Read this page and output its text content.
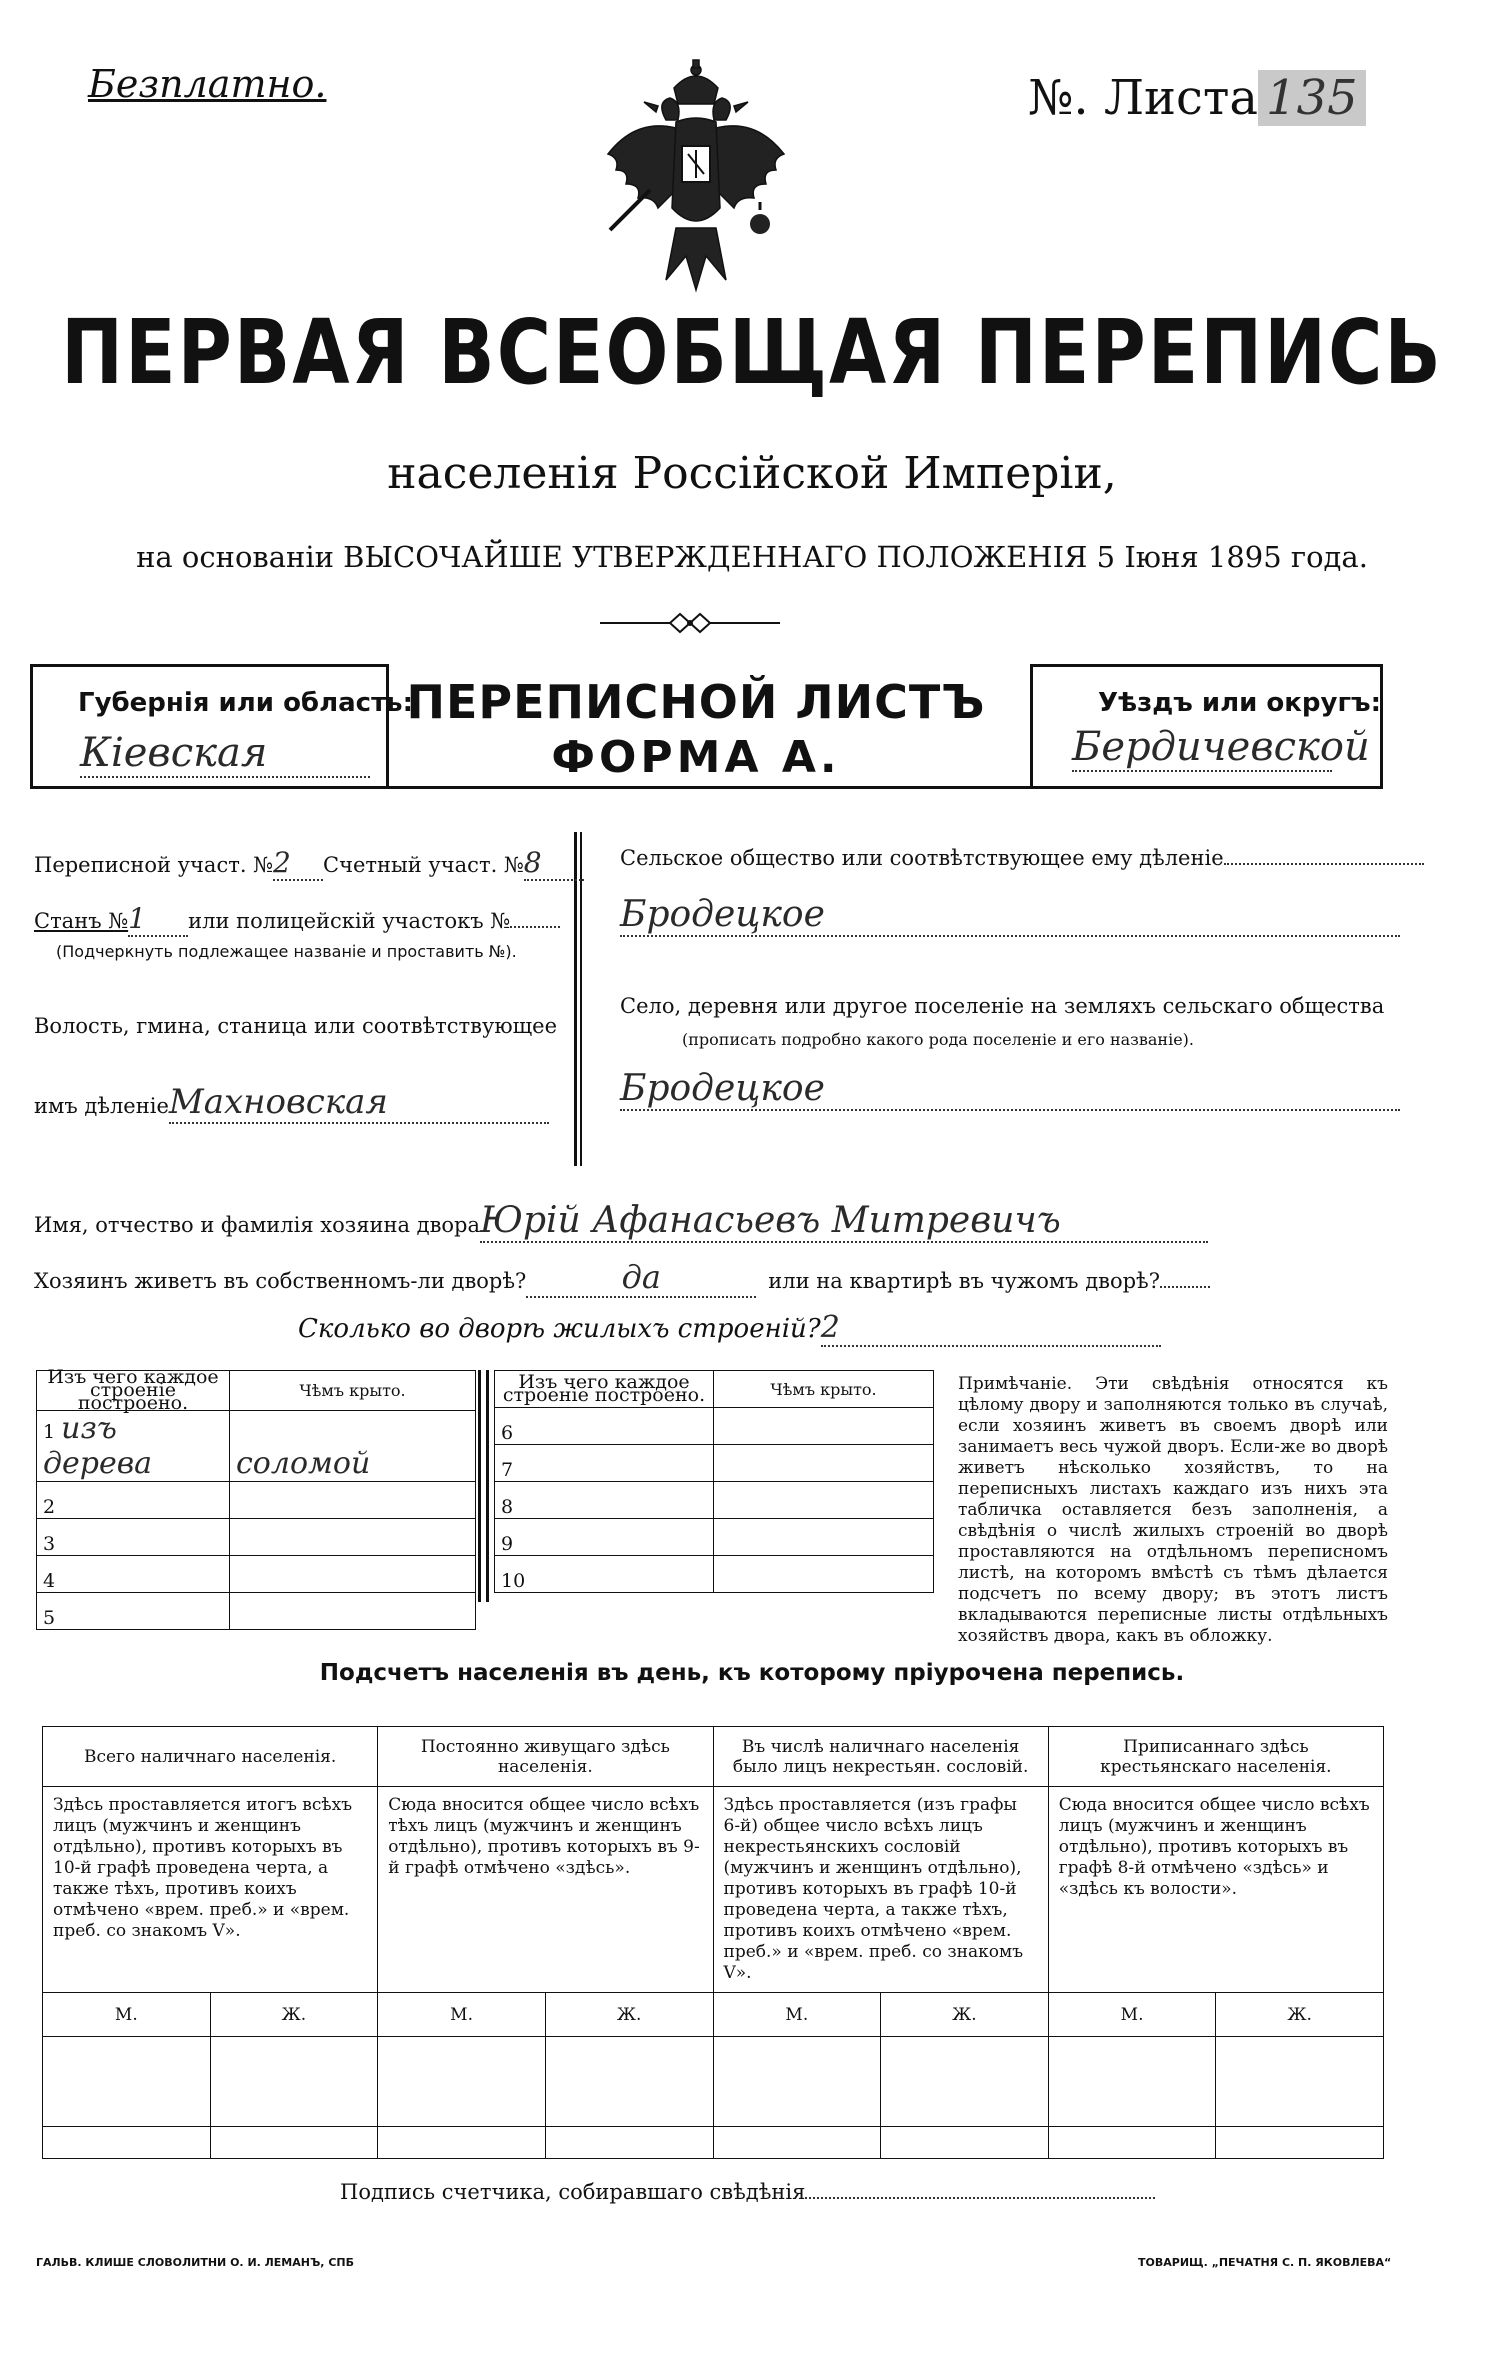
Безплатно.	№. Листа 135
ПЕРВАЯ ВСЕОБЩАЯ ПЕРЕПИСЬ
населенія Россійской Имперіи,
на основаніи ВЫСОЧАЙШЕ УТВЕРЖДЕННАГО ПОЛОЖЕНІЯ 5 Іюня 1895 года.
Губернія или область:
Кіевская
ПЕРЕПИСНОЙ ЛИСТЪ
ФОРМА А.
Уѣздъ или округъ:
Бердичевской
Переписной участ. №2 Счетный участ. №8
Станъ №1 или полицейскій участокъ №
(Подчеркнуть подлежащее названіе и проставить №).
Волость, гмина, станица или соотвѣтствующее
имъ дѣленіеМахновская
Сельское общество или соотвѣтствующее ему дѣленіе
Бродецкое
Село, деревня или другое поселеніе на земляхъ сельскаго общества
(прописать подробно какого рода поселеніе и его названіе).
Бродецкое
Имя, отчество и фамилія хозяина двораЮрій Афанасьевъ Митревичъ
Хозяинъ живетъ въ собственномъ-ли дворѣ?	да	или на квартирѣ въ чужомъ дворѣ?
Сколько во дворѣ жилыхъ строеній?2
Изъ чего каждое строеніе построено.	Чѣмъ крыто.
1 изъ дерева	соломой
2	
3	
4	
5	
Изъ чего каждое строеніе построено.	Чѣмъ крыто.
6	
7	
8	
9	
10	
Примѣчаніе. Эти свѣдѣнія относятся къ цѣлому двору и заполняются только въ случаѣ, если хозяинъ живетъ въ своемъ дворѣ или занимаетъ весь чужой дворъ. Если-же во дворѣ живетъ нѣсколько хозяйствъ, то на переписныхъ листахъ каждаго изъ нихъ эта табличка оставляется безъ заполненія, а свѣдѣнія о числѣ жилыхъ строеній во дворѣ проставляются на отдѣльномъ переписномъ листѣ, на которомъ вмѣстѣ съ тѣмъ дѣлается подсчетъ по всему двору; въ этотъ листъ вкладываются переписные листы отдѣльныхъ хозяйствъ двора, какъ въ обложку.
Подсчетъ населенія въ день, къ которому пріурочена перепись.
Всего наличнаго населенія.		Постоянно живущаго здѣсь населенія.		Въ числѣ наличнаго населенія было лицъ некрестьян. сословій.		Приписаннаго здѣсь крестьянскаго населенія.	
Здѣсь проставляется итогъ всѣхъ лицъ (мужчинъ и женщинъ отдѣльно), противъ которыхъ въ 10-й графѣ проведена черта, а также тѣхъ, противъ коихъ отмѣчено «врем. преб.» и «врем. преб. со знакомъ V».		Сюда вносится общее число всѣхъ тѣхъ лицъ (мужчинъ и женщинъ отдѣльно), противъ которыхъ въ 9-й графѣ отмѣчено «здѣсь».		Здѣсь проставляется (изъ графы 6-й) общее число всѣхъ лицъ некрестьянскихъ сословій (мужчинъ и женщинъ отдѣльно), противъ которыхъ въ графѣ 10-й проведена черта, а также тѣхъ, противъ коихъ отмѣчено «врем. преб.» и «врем. преб. со знакомъ V».		Сюда вносится общее число всѣхъ лицъ (мужчинъ и женщинъ отдѣльно), противъ которыхъ въ графѣ 8-й отмѣчено «здѣсь» и «здѣсь къ волости».	
М.	Ж.	М.	Ж.	М.	Ж.	М.	Ж.

Подпись счетчика, собиравшаго свѣдѣнія
ГАЛЬВ. КЛИШЕ СЛОВОЛИТНИ О. И. ЛЕМАНЪ, СПБ	ТОВАРИЩ. „ПЕЧАТНЯ С. П. ЯКОВЛЕВА“
